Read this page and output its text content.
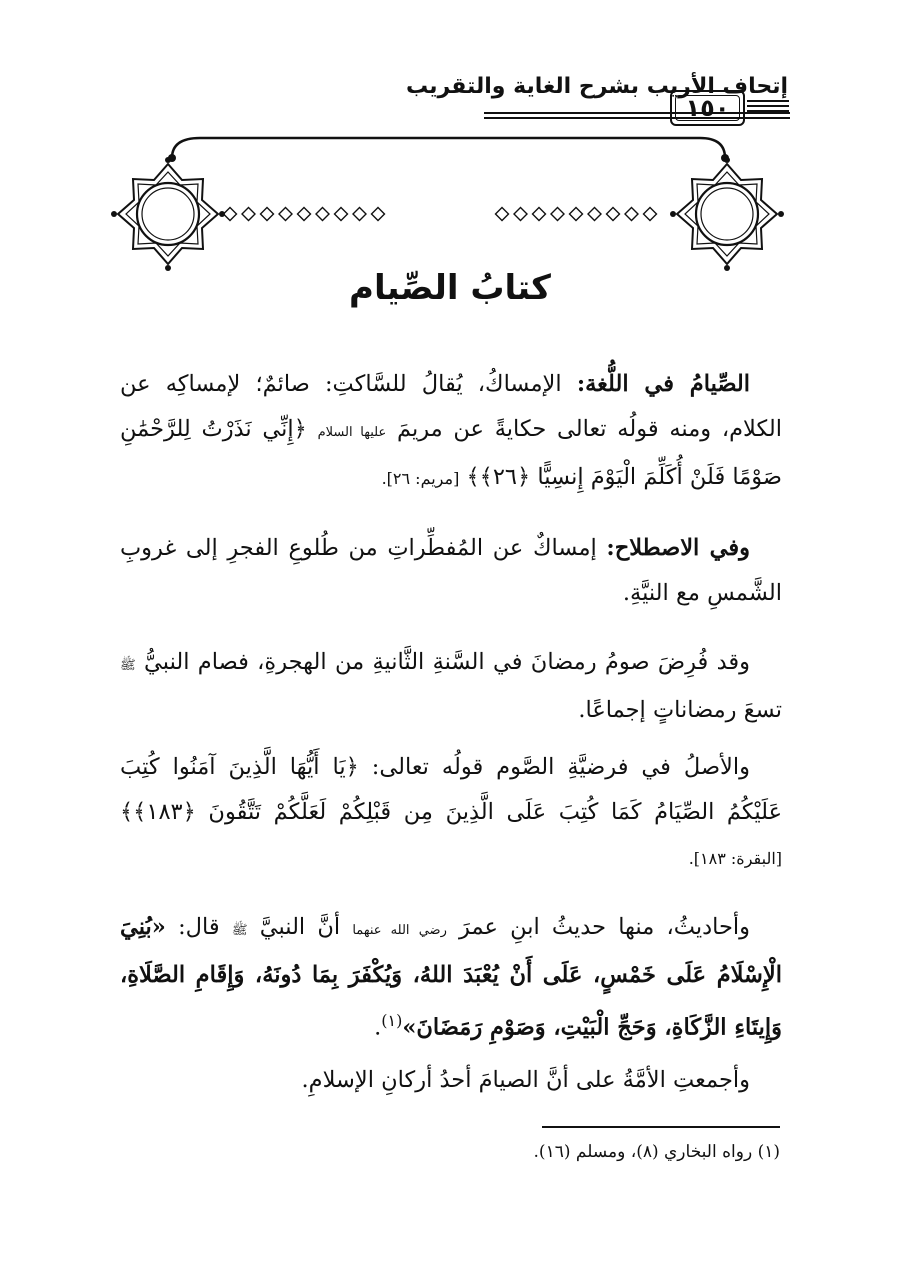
إتحاف الأريب بشرح الغاية والتقريب
١٥٠
كتابُ الصِّيام
الصِّيامُ في اللُّغة: الإمساكُ، يُقالُ للسَّاكتِ: صائمٌ؛ لإمساكِه عن الكلام، ومنه قولُه تعالى حكايةً عن مريمَ عليها السلام ﴿إِنِّي نَذَرْتُ لِلرَّحْمَٰنِ صَوْمًا فَلَنْ أُكَلِّمَ الْيَوْمَ إِنسِيًّا ﴿٢٦﴾﴾ [مريم: ٢٦].
وفي الاصطلاح: إمساكٌ عن المُفطِّراتِ من طُلوعِ الفجرِ إلى غروبِ الشَّمسِ مع النيَّةِ.
وقد فُرِضَ صومُ رمضانَ في السَّنةِ الثَّانيةِ من الهجرةِ، فصام النبيُّ ﷺ تسعَ رمضاناتٍ إجماعًا.
والأصلُ في فرضيَّةِ الصَّوم قولُه تعالى: ﴿يَا أَيُّهَا الَّذِينَ آمَنُوا كُتِبَ عَلَيْكُمُ الصِّيَامُ كَمَا كُتِبَ عَلَى الَّذِينَ مِن قَبْلِكُمْ لَعَلَّكُمْ تَتَّقُونَ ﴿١٨٣﴾﴾ [البقرة: ١٨٣].
وأحاديثُ، منها حديثُ ابنِ عمرَ رضي الله عنهما أنَّ النبيَّ ﷺ قال: «بُنِيَ الْإِسْلَامُ عَلَى خَمْسٍ، عَلَى أَنْ يُعْبَدَ اللهُ، وَيُكْفَرَ بِمَا دُونَهُ، وَإِقَامِ الصَّلَاةِ، وَإِيتَاءِ الزَّكَاةِ، وَحَجِّ الْبَيْتِ، وَصَوْمِ رَمَضَانَ»$^{(١)}$.
وأجمعتِ الأمَّةُ على أنَّ الصيامَ أحدُ أركانِ الإسلامِ.
(١) رواه البخاري (٨)، ومسلم (١٦).
